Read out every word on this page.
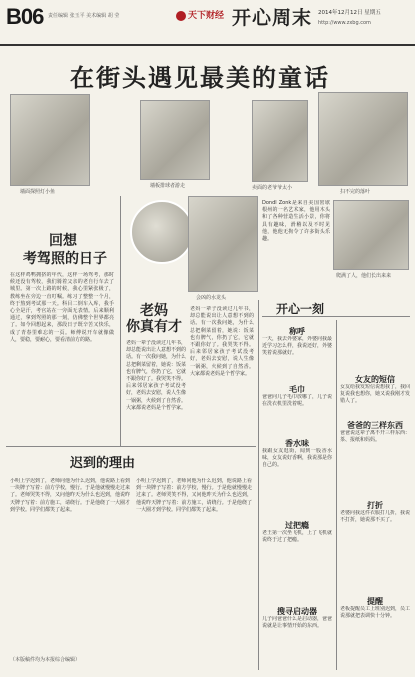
B06 责任编辑 张玉平 美术编辑 胡 莹	天下财经 开心周末 2014年12月12日 星期五
http://www.zxbg.com
在街头遇见最美的童话
墙面探照灯小鱼
墙板排球者游走	卖面的老爷爷太小
扫不完的落叶
Dondl Zonk是来自美国密歇根州的一名艺术家，他用木头和了各种营造生活小景，你将具有趣味，滑稽以及不时见他，他他无拘令了许多街头乐趣。
回想
考驾照的日子
在这样鸡鸭拥挤的年代，这样一场驾考，那时候还没有驾校，我们骑着父亲的老自行车去了城里。第一次上路的时候，我心里紧张极了，教练坐在旁边一直叮嘱。练习了整整一个月，终于熬到考试那一天。科目二倒车入库，我手心全是汗，考官站在一旁面无表情。后来顺利通过，拿到驾照的那一刻，仿佛整个世界都亮了。如今回想起来，那段日子既辛苦又快乐，成了青春里难忘的一页。师傅说开车就像做人，要稳，要耐心，要看清前方的路。
会凶的水龙头
爬满了人，他们长出来来
老妈
你真有才
老妈一辈子没读过几年书，却总能说出让人意想不到的话。有一次我问她，为什么总把剩菜留着，她说：饭菜也有脾气，你扔了它，它就不跟你好了。我哭笑不得。后来邻居家孩子考试没考好，老妈去安慰，说人生像一锅粥，火候到了自然香。大家都说老妈是个哲学家。
老妈一辈子没读过几年书，却总能说出让人意想不到的话。有一次我问她，为什么总把剩菜留着，她说：饭菜也有脾气，你扔了它，它就不跟你好了。我哭笑不得。后来邻居家孩子考试没考好，老妈去安慰，说人生像一锅粥，火候到了自然香。大家都说老妈是个哲学家。
开心一刻
称呼
一天，我去外婆家，外婆问我最近学习怎么样，我说还好，外婆笑着说那就好。
毛巾
爸爸问儿子毛巾放哪了，儿子说在洗衣机里洗着呢。
香水味
我跟女友逛街，闻到一股香水味，女友说好香啊，我说那是你自己的。
过把瘾
老王第一次坐飞机，上了飞机就说终于过了把瘾。
搜寻启动器
儿子问爸爸什么是启动器，爸爸说就是让事情开始的东西。
女友的短信
女友给我发短信说想我了，我回复说我也想你，她又说我刚才发错人了。
爸爸的三样东西
爸爸说这辈子离不开三样东西：茶、报纸和妈妈。
打折
老婆问我这件衣服打几折，我说不打折，她说那不买了。
提醒
老板提醒员工上班别迟到，员工说那就把表调快十分钟。
迟到的理由
小明上学迟到了，老师问他为什么迟到，他说路上看到一块牌子写着：前方学校，慢行。于是他就慢慢走过来了。老师哭笑不得，又问他昨天为什么也迟到，他说昨天牌子写着：前方施工，请绕行。于是他绕了一大圈才到学校。同学们都笑了起来。
小明上学迟到了，老师问他为什么迟到，他说路上看到一块牌子写着：前方学校，慢行。于是他就慢慢走过来了。老师哭笑不得，又问他昨天为什么也迟到，他说昨天牌子写着：前方施工，请绕行。于是他绕了一大圈才到学校。同学们都笑了起来。
（本版稿件均为本报综合编辑）
